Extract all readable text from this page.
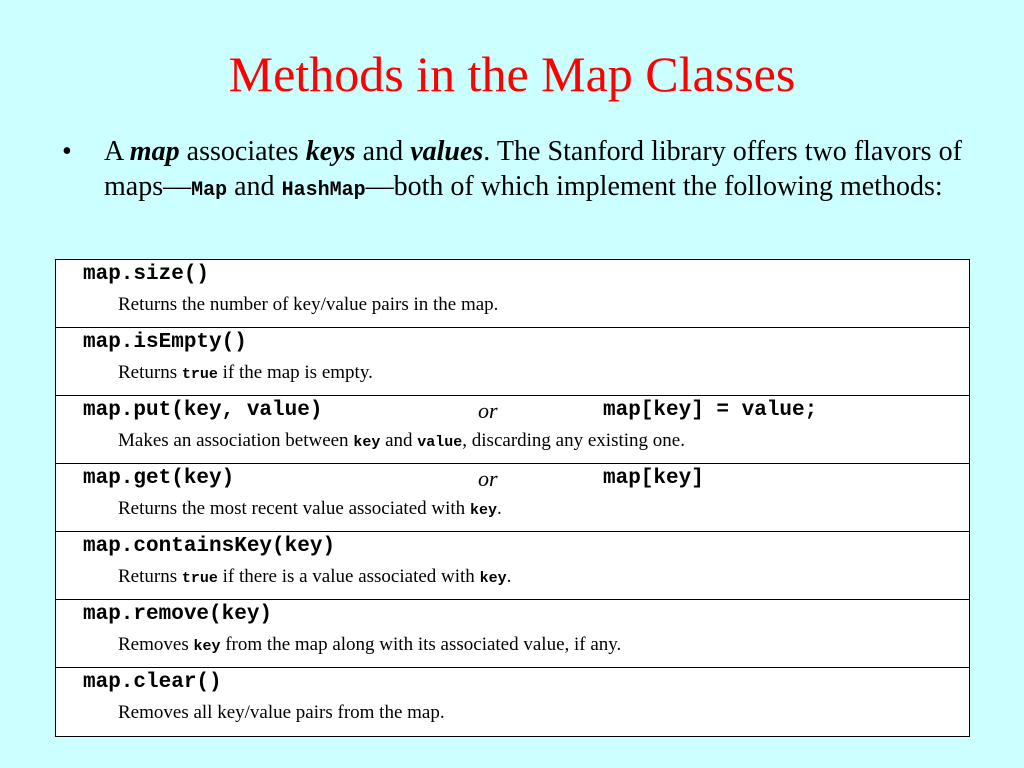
Methods in the Map Classes
•	A map associates keys and values. The Stanford library offers two flavors of maps—Map and HashMap—both of which implement the following methods:
map.size()
Returns the number of key/value pairs in the map.
map.isEmpty()
Returns true if the map is empty.
map.put(key, value)	or	map[key] = value;
Makes an association between key and value, discarding any existing one.
map.get(key)	or	map[key]
Returns the most recent value associated with key.
map.containsKey(key)
Returns true if there is a value associated with key.
map.remove(key)
Removes key from the map along with its associated value, if any.
map.clear()
Removes all key/value pairs from the map.
